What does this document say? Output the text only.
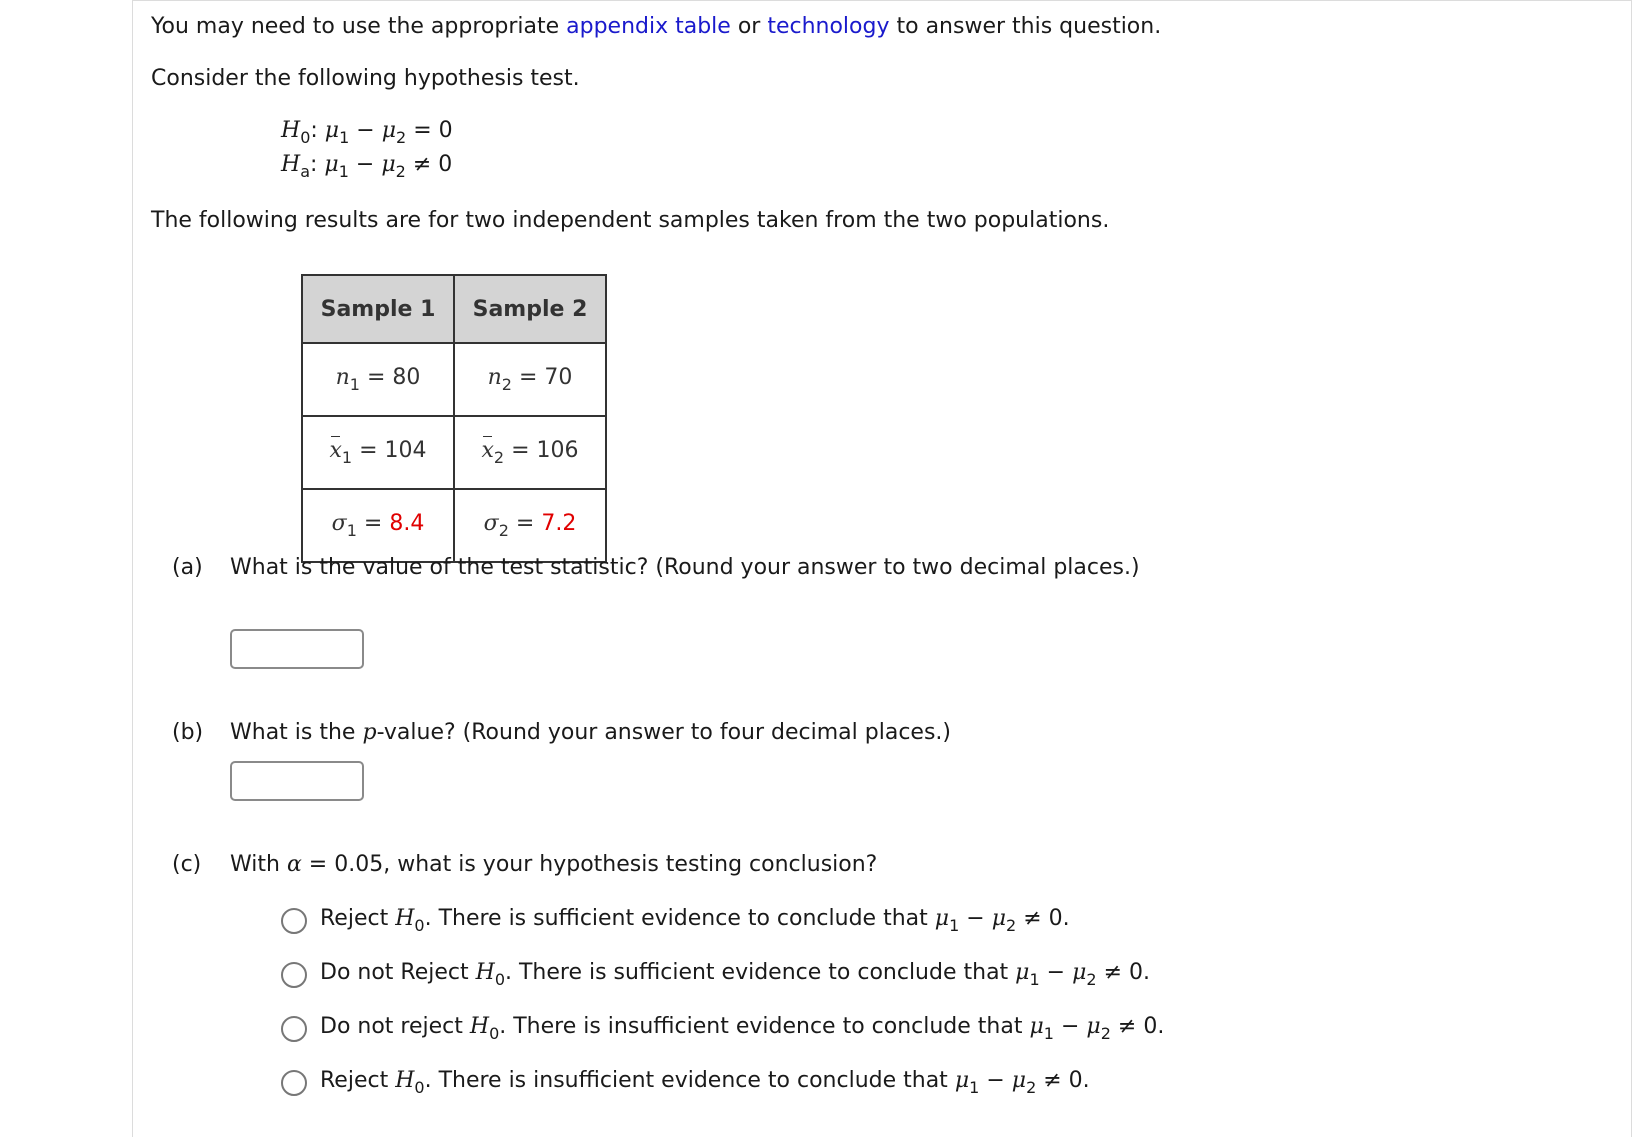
You may need to use the appropriate appendix table or technology to answer this question.
Consider the following hypothesis test.
$H_0$: $\mu_1 - \mu_2 = 0$
$H_a$: $\mu_1 - \mu_2 \ne 0$
The following results are for two independent samples taken from the two populations.
Sample 1	Sample 2
$n_1 = 80$	$n_2 = 70$
$x_1 = 104$	$x_2 = 106$
$\sigma_1 = 8.4$	$\sigma_2 = 7.2$
(a) What is the value of the test statistic? (Round your answer to two decimal places.)
(b) What is the p-value? (Round your answer to four decimal places.)
(c) With α = 0.05, what is your hypothesis testing conclusion?
Reject $H_0$. There is sufficient evidence to conclude that $\mu_1 - \mu_2 \ne 0$.
Do not Reject $H_0$. There is sufficient evidence to conclude that $\mu_1 - \mu_2 \ne 0$.
Do not reject $H_0$. There is insufficient evidence to conclude that $\mu_1 - \mu_2 \ne 0$.
Reject $H_0$. There is insufficient evidence to conclude that $\mu_1 - \mu_2 \ne 0$.
